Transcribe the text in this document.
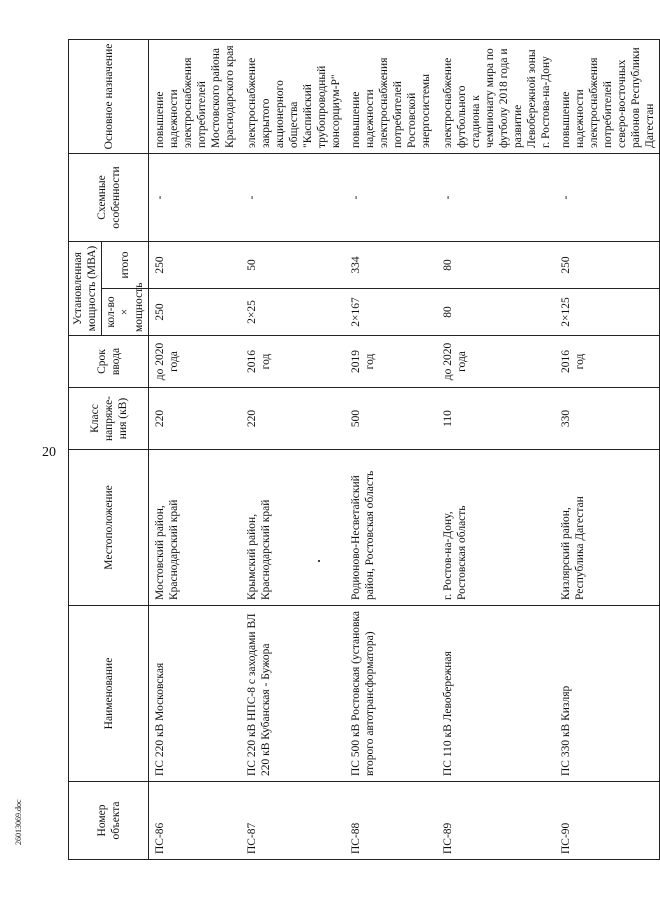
20
26013069.doc	Номер объекта	Наименование	Местоположение	Класс напряже-ния (кВ)	Срок ввода	Установленная мощность (МВА)		Схемные особенности	Основное назначение
					кол-во × мощность	итого		
ПС-86	ПС 220 кВ Московская	Мостовский район, Краснодарский край	220	до 2020 года	250	250	-	повышение надежности электроснабжения потребителей Мостовского района Краснодарского края
ПС-87	ПС 220 кВ НПС-8 с заходами ВЛ 220 кВ Кубанская - Бужора	Крымский район, Краснодарский край	220	2016 год	2×25	50	-	электроснабжение закрытого акционерного общества "Каспийский трубопроводный консорциум-Р"
ПС-88	ПС 500 кВ Ростовская (установка второго автотрансформатора)	Родионово-Несветайский район, Ростовская область	500	2019 год	2×167	334	-	повышение надежности электроснабжения потребителей Ростовской энергосистемы
ПС-89	ПС 110 кВ Левобережная	г. Ростов-на-Дону, Ростовская область	110	до 2020 года	80	80	-	электроснабжение футбольного стадиона к чемпионату мира по футболу 2018 года и развитие Левобережной зоны г. Ростова-на-Дону
ПС-90	ПС 330 кВ Кизляр	Кизлярский район, Республика Дагестан	330	2016 год	2×125	250	-	повышение надежности электроснабжения потребителей северо-восточных районов Республики Дагестан
